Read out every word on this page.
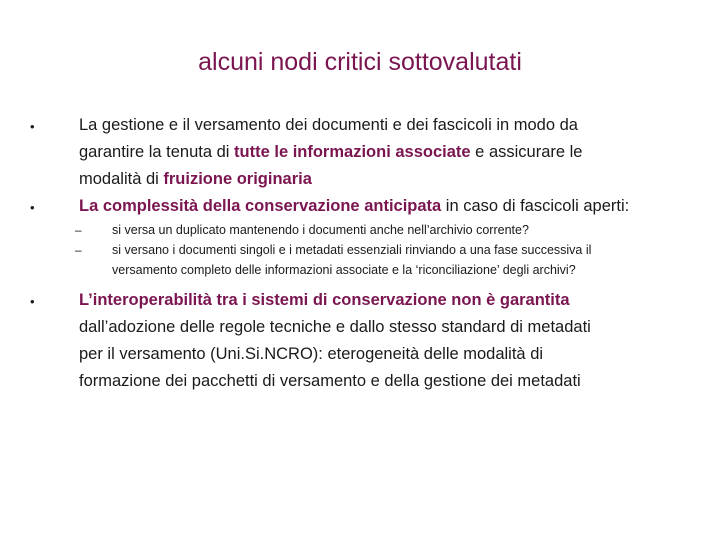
alcuni nodi critici sottovalutati
•	La gestione e il versamento dei documenti e dei fascicoli in modo da
garantire la tenuta di tutte le informazioni associate e assicurare le
modalità di fruizione originaria
•	La complessità della conservazione anticipata in caso di fascicoli aperti:
– si versa un duplicato mantenendo i documenti anche nell’archivio corrente?
– si versano i documenti singoli e i metadati essenziali rinviando a una fase successiva il
versamento completo delle informazioni associate e la ‘riconciliazione’ degli archivi?
•	L’interoperabilità tra i sistemi di conservazione non è garantita
dall’adozione delle regole tecniche e dallo stesso standard di metadati
per il versamento (Uni.Si.NCRO): eterogeneità delle modalità di
formazione dei pacchetti di versamento e della gestione dei metadati
